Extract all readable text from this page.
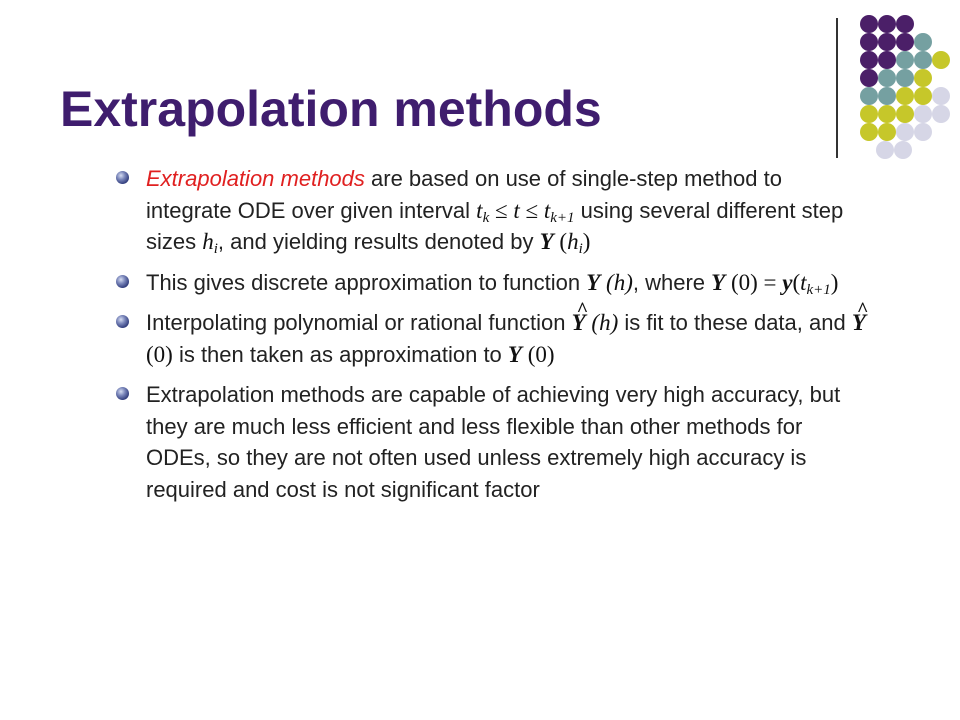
Extrapolation methods
Extrapolation methods are based on use of single-step method to integrate ODE over given interval $t_k \le t \le t_{k+1}$ using several different step sizes $h_i$, and yielding results denoted by Y $(h_i)$
This gives discrete approximation to function Y (h), where Y $(0) = y(t_{k+1})$
Interpolating polynomial or rational function ^ Y (h) is fit to these data, and ^ Y (0) is then taken as approximation to Y (0)
Extrapolation methods are capable of achieving very high accuracy, but they are much less efficient and less flexible than other methods for ODEs, so they are not often used unless extremely high accuracy is required and cost is not significant factor
